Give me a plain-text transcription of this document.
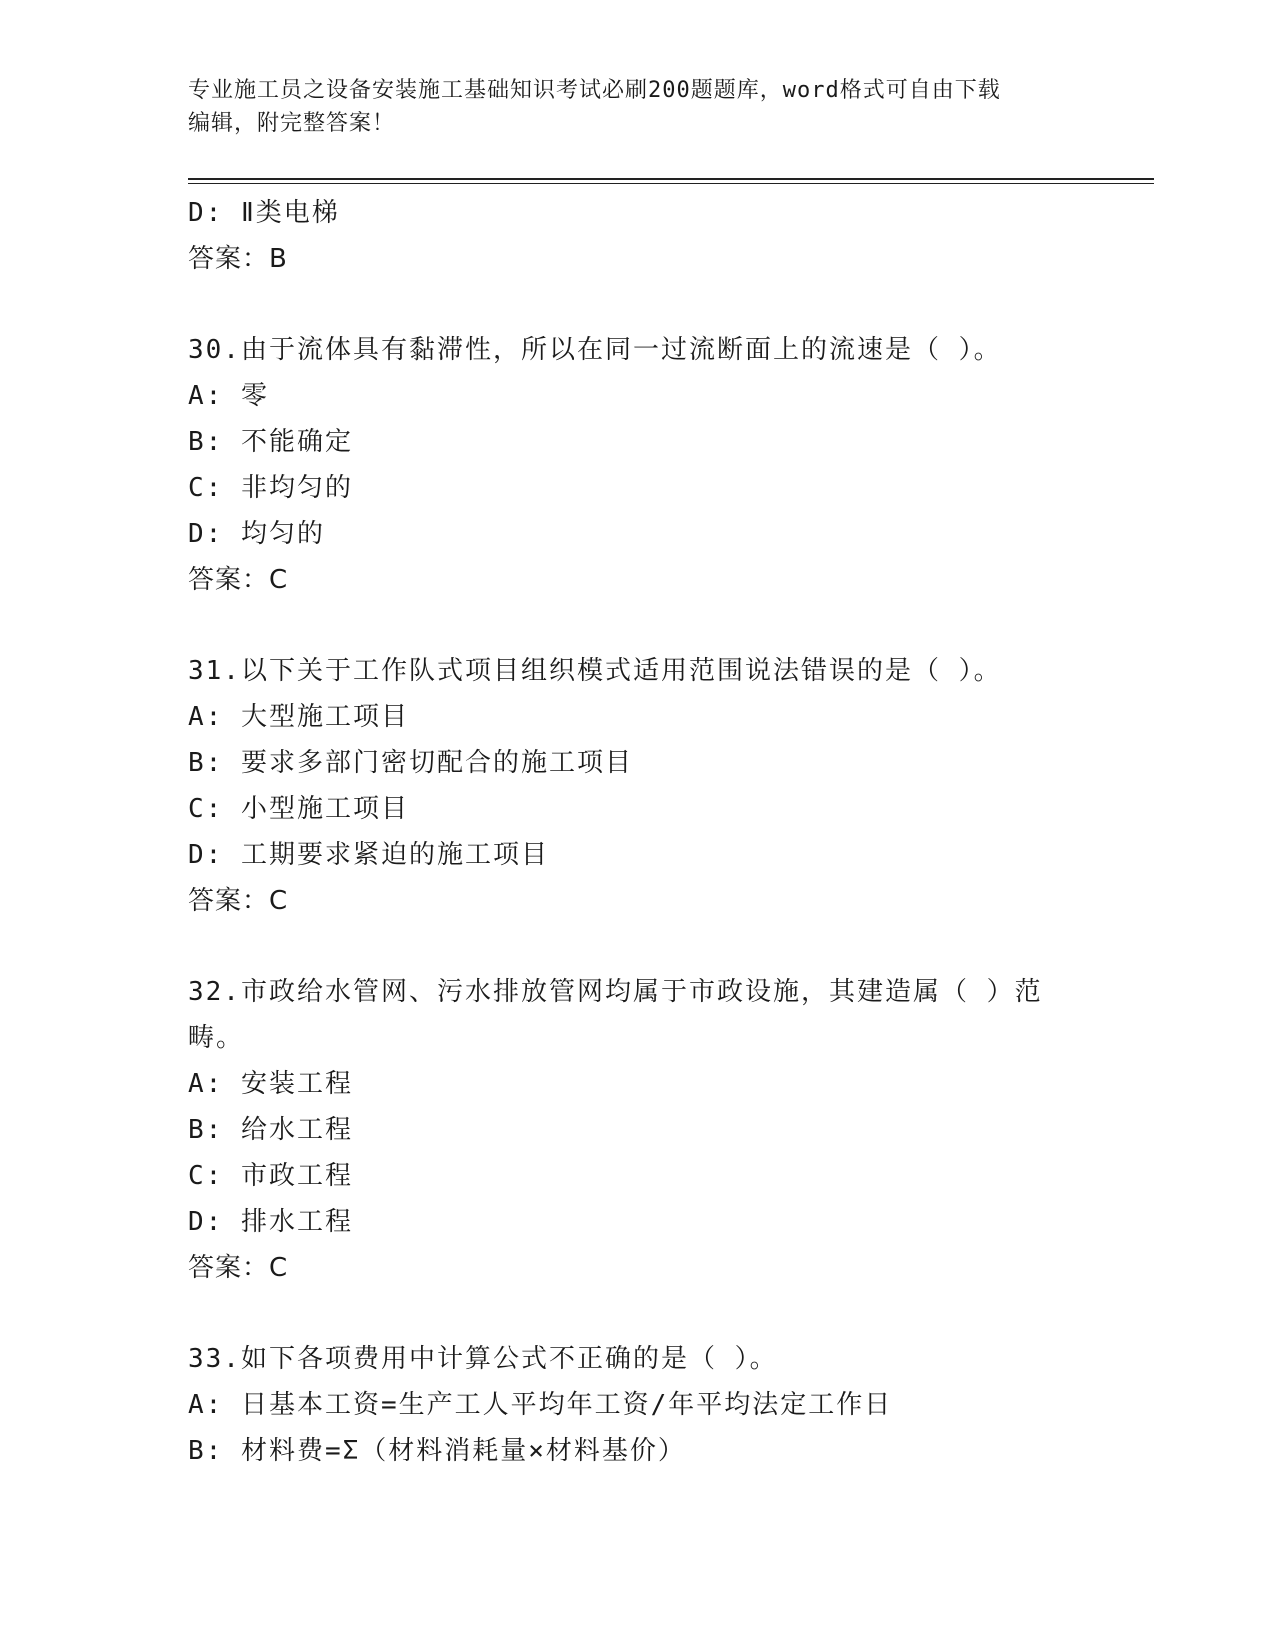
专业施工员之设备安装施工基础知识考试必刷200题题库，word格式可自由下载
编辑，附完整答案！
D: Ⅱ类电梯
答案：B
30.由于流体具有黏滞性，所以在同一过流断面上的流速是（ ）。
A: 零
B: 不能确定
C: 非均匀的
D: 均匀的
答案：C
31.以下关于工作队式项目组织模式适用范围说法错误的是（ ）。
A: 大型施工项目
B: 要求多部门密切配合的施工项目
C: 小型施工项目
D: 工期要求紧迫的施工项目
答案：C
32.市政给水管网、污水排放管网均属于市政设施，其建造属（ ）范
畴。
A: 安装工程
B: 给水工程
C: 市政工程
D: 排水工程
答案：C
33.如下各项费用中计算公式不正确的是（ ）。
A: 日基本工资=生产工人平均年工资/年平均法定工作日
B: 材料费=Σ（材料消耗量×材料基价）
